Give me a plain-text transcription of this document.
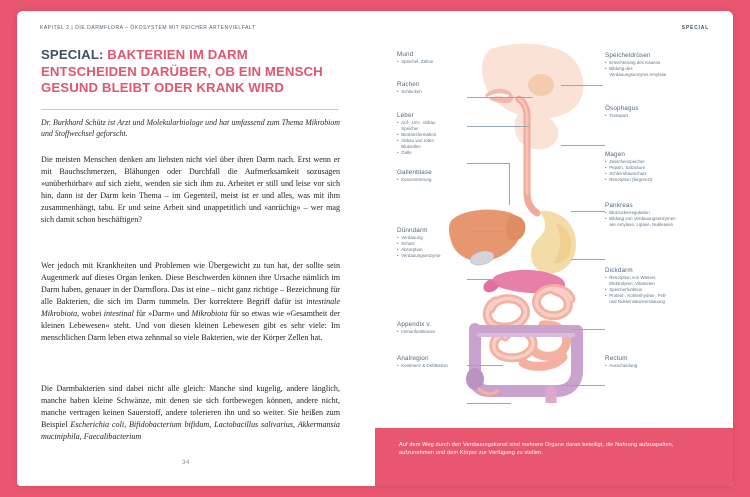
KAPITEL 2 | DIE DARMFLORA – ÖKOSYSTEM MIT REICHER ARTENVIELFALT
SPECIAL: BAKTERIEN IM DARM ENTSCHEIDEN DARÜBER, OB EIN MENSCH GESUND BLEIBT ODER KRANK WIRD
Dr. Burkhard Schütz ist Arzt und Molekularbiologe und hat umfassend zum Thema Mikrobiom und Stoffwechsel geforscht.
Die meisten Menschen denken am liebsten nicht viel über ihren Darm nach. Erst wenn er mit Bauchschmerzen, Blähungen oder Durchfall die Aufmerksamkeit sozusagen »unüberhörbar« auf sich zieht, wenden sie sich ihm zu. Arbeitet er still und leise vor sich hin, dann ist der Darm kein Thema – im Gegenteil, meist ist er und alles, was mit ihm zusammenhängt, tabu. Er und seine Arbeit sind unappetitlich und »anrüchig« – wer mag sich damit schon beschäftigen?
Wer jedoch mit Krankheiten und Problemen wie Übergewicht zu tun hat, der sollte sein Augenmerk auf dieses Organ lenken. Diese Beschwerden können ihre Ursache nämlich im Darm haben, genauer in der Darmflora. Das ist eine – nicht ganz richtige – Bezeichnung für alle Bakterien, die sich im Darm tummeln. Der korrektere Begriff dafür ist intestinale Mikrobiota, wobei intestinal für »Darm« und Mikrobiota für so etwas wie »Gesamtheit der kleinen Lebewesen« steht. Und von diesen kleinen Lebewesen gibt es sehr viele: Im menschlichen Darm leben etwa zehnmal so viele Bakterien, wie der Körper Zellen hat.
Die Darmbakterien sind dabei nicht alle gleich: Manche sind kugelig, andere länglich, manche haben kleine Schwänze, mit denen sie sich fortbewegen können, andere nicht, manche vertragen keinen Sauerstoff, andere tolerieren ihn und so weiter. Sie heißen zum Beispiel Escherichia coli, Bifidobacterium bifidum, Lactobacillus salivarius, Akkermansia muciniphila, Faecalibacterium
34
SPECIAL
Mund
• Speichel, Zähne
Rachen
• Schlucken
Leber
• Auf-, Um-, Abbau
Speicher
• Biotransformation
• Abbau von roten
Blutzellen
• Galle
Gallenblase
• Konzentrierung
Dünndarm
• Verdauung
• Schutz
• Absorption
• Verdauungsenzyme
Appendix v.
• Immunfunktionen
Analregion
• Kontinenz & Defäkation
Speicheldrüsen
• Erleichterung des Kauens
• Bildung des
Verdauungsenzyms Amylase
Ösophagus
• Transport
Magen
• Zwischenspeicher
• Pepsin, Salzsäure
• Schleimhautschutz
• Resorption (begrenzt)
Pankreas
• Blutzuckerregulation
• Bildung von Verdauungsenzymen
wie Amylase, Lipase, Nukleasen
Dickdarm
• Resorption von Wasser,
Elektrolyten, Vitaminen
• Speicherfunktion
• Protein-, Kohlenhydrat-, Fett-
und Nukleinsäureverdauung
Rectum
• Ausscheidung
Auf dem Weg durch den Verdauungskanal sind mehrere Organe daran beteiligt, die Nahrung aufzuspalten, aufzunehmen und dem Körper zur Verfügung zu stellen.
